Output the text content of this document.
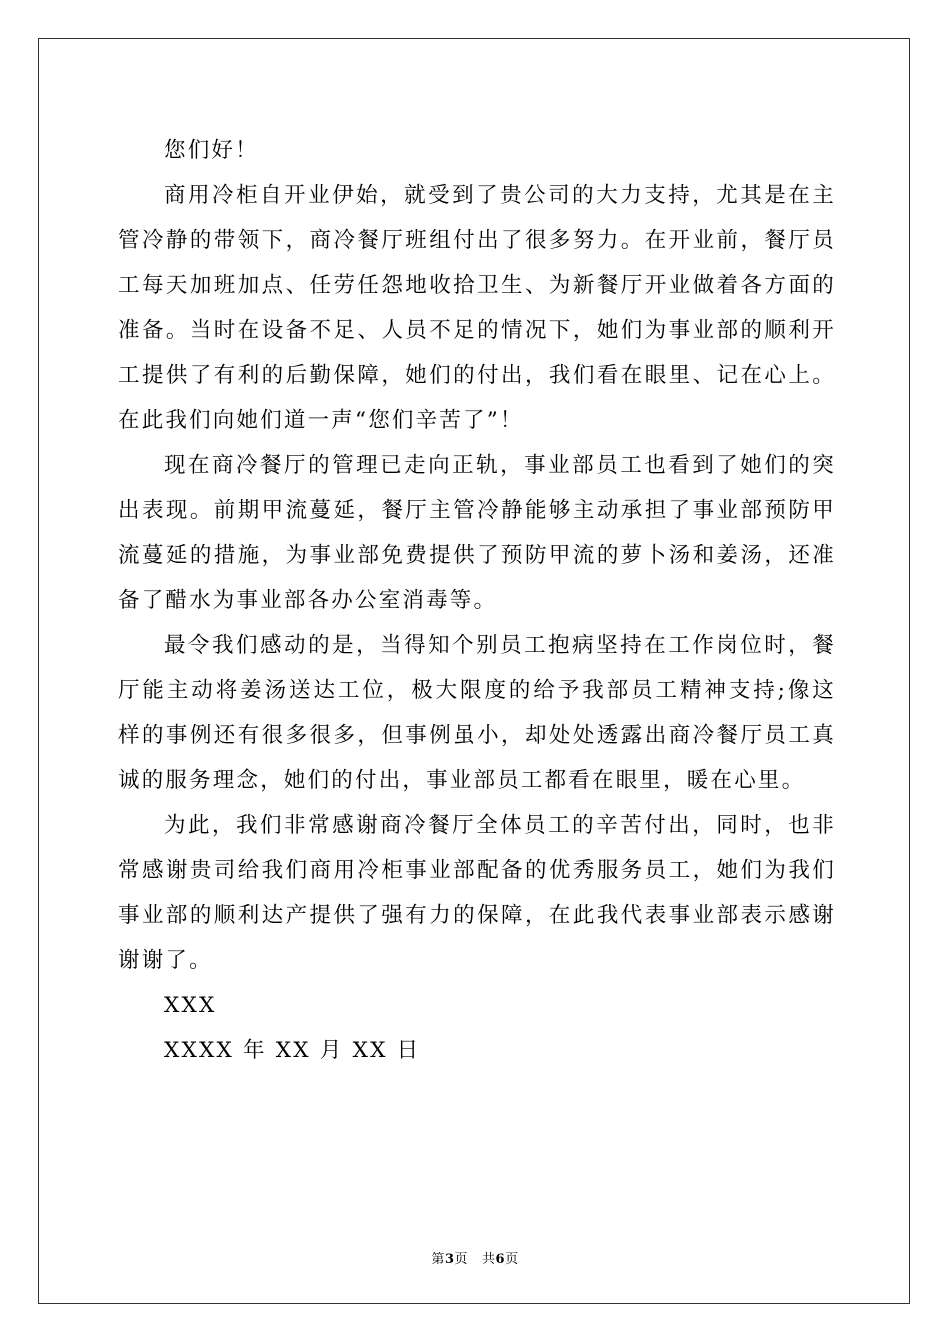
您们好！

商用冷柜自开业伊始，就受到了贵公司的大力支持，尤其是在主管冷静的带领下，商冷餐厅班组付出了很多努力。在开业前，餐厅员工每天加班加点、任劳任怨地收拾卫生、为新餐厅开业做着各方面的准备。当时在设备不足、人员不足的情况下，她们为事业部的顺利开工提供了有利的后勤保障，她们的付出，我们看在眼里、记在心上。在此我们向她们道一声“您们辛苦了”！

现在商冷餐厅的管理已走向正轨，事业部员工也看到了她们的突出表现。前期甲流蔓延，餐厅主管冷静能够主动承担了事业部预防甲流蔓延的措施，为事业部免费提供了预防甲流的萝卜汤和姜汤，还准备了醋水为事业部各办公室消毒等。

最令我们感动的是，当得知个别员工抱病坚持在工作岗位时，餐厅能主动将姜汤送达工位，极大限度的给予我部员工精神支持;像这样的事例还有很多很多，但事例虽小，却处处透露出商冷餐厅员工真诚的服务理念，她们的付出，事业部员工都看在眼里，暖在心里。

为此，我们非常感谢商冷餐厅全体员工的辛苦付出，同时，也非常感谢贵司给我们商用冷柜事业部配备的优秀服务员工，她们为我们事业部的顺利达产提供了强有力的保障，在此我代表事业部表示感谢谢谢了。

XXX

XXXX 年 XX 月 XX 日

第3页 共6页
